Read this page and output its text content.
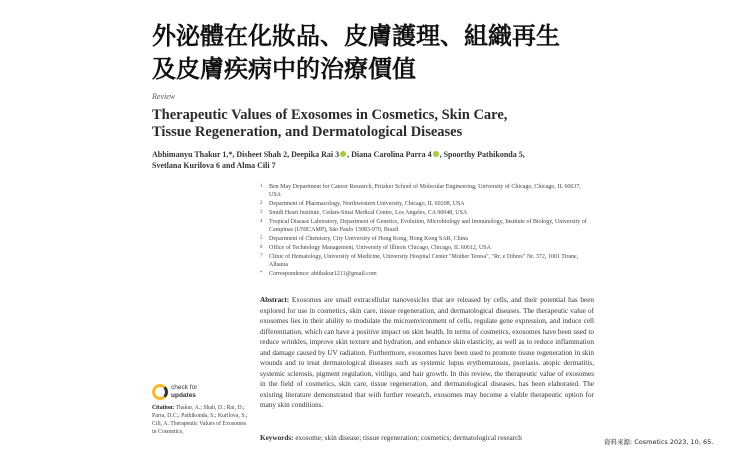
外泌體在化妝品、皮膚護理、組織再生
及皮膚疾病中的治療價值
Review
Therapeutic Values of Exosomes in Cosmetics, Skin Care,
Tissue Regeneration, and Dermatological Diseases
Abhimanyu Thakur 1,*, Disheet Shah 2, Deepika Rai 3 , Diana Carolina Parra 4 , Spoorthy Pathikonda 5,
Svetlana Kurilova 6 and Alma Cili 7
1	Ben May Department for Cancer Research, Pritzker School of Molecular Engineering, University of Chicago, Chicago, IL 60637, USA
2	Department of Pharmacology, Northwestern University, Chicago, IL 60208, USA
3	Smidt Heart Institute, Cedars-Sinai Medical Centre, Los Angeles, CA 90048, USA
4	Tropical Disease Laboratory, Department of Genetics, Evolution, Microbiology and Immunology, Institute of Biology, University of Campinas (UNICAMP), São Paulo 13083-970, Brazil
5	Department of Chemistry, City University of Hong Kong, Hong Kong SAR, China
6	Office of Technology Management, University of Illinois Chicago, Chicago, IL 60612, USA
7	Clinic of Hematology, University of Medicine, University Hospital Center "Mother Teresa", "Rr. e Dibres" Nr. 372, 1001 Tirane, Albania
*	Correspondence: abithakur1211@gmail.com
Abstract: Exosomes are small extracellular nanovesicles that are released by cells, and their potential has been explored for use in cosmetics, skin care, tissue regeneration, and dermatological diseases. The therapeutic value of exosomes lies in their ability to modulate the microenvironment of cells, regulate gene expression, and induce cell differentiation, which can have a positive impact on skin health. In terms of cosmetics, exosomes have been used to reduce wrinkles, improve skin texture and hydration, and enhance skin elasticity, as well as to reduce inflammation and damage caused by UV radiation. Furthermore, exosomes have been used to promote tissue regeneration in skin wounds and to treat dermatological diseases such as systemic lupus erythematosus, psoriasis, atopic dermatitis, systemic sclerosis, pigment regulation, vitiligo, and hair growth. In this review, the therapeutic value of exosomes in the field of cosmetics, skin care, tissue regeneration, and dermatological diseases, has been elaborated. The existing literature demonstrated that with further research, exosomes may become a viable therapeutic option for many skin conditions.
Keywords: exosome; skin disease; tissue regeneration; cosmetics; dermatological research
check for
updates
Citation: Thakur, A.; Shah, D.; Rai, D.; Parra, D.C.; Pathikonda, S.; Kurilova, S.; Cili, A. Therapeutic Values of Exosomes in Cosmetics,
資料來源: Cosmetics 2023, 10, 65.
